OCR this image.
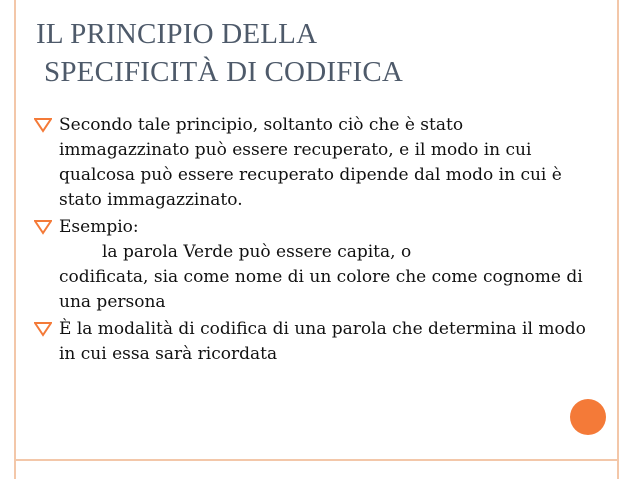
IL PRINCIPIO DELLA
SPECIFICITÀ DI CODIFICA
Secondo tale principio, soltanto ciò che è stato immagazzinato può essere recuperato, e il modo in cui qualcosa può essere recuperato dipende dal modo in cui è stato immagazzinato.
Esempio:
la parola Verde può essere capita, o
codificata, sia come nome di un colore che come cognome di una persona
È la modalità di codifica di una parola che determina il modo in cui essa sarà ricordata
